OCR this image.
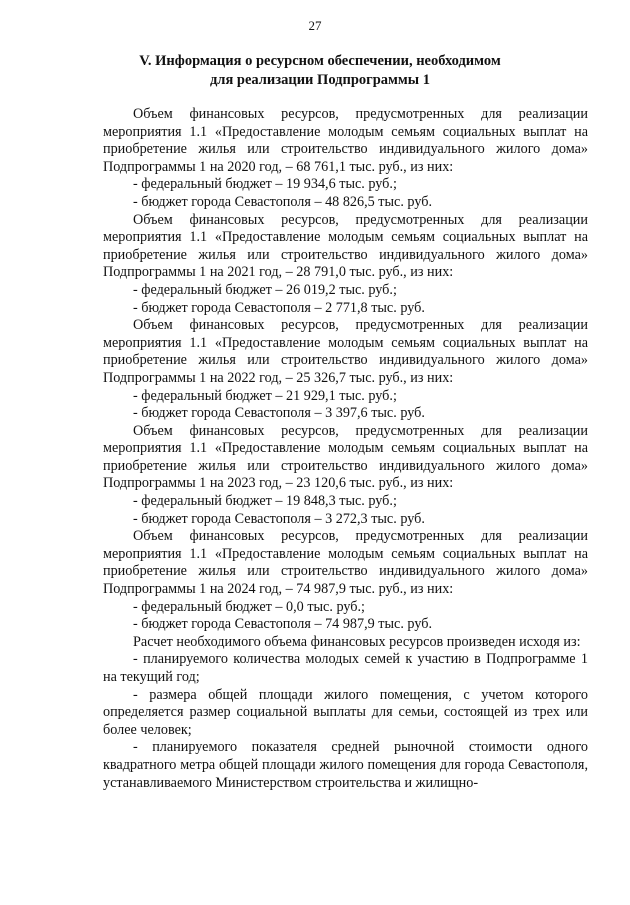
27
V. Информация о ресурсном обеспечении, необходимом
для реализации Подпрограммы 1

Объем финансовых ресурсов, предусмотренных для реализации мероприятия 1.1 «Предоставление молодым семьям социальных выплат на приобретение жилья или строительство индивидуального жилого дома» Подпрограммы 1 на 2020 год, – 68 761,1 тыс. руб., из них:

- федеральный бюджет – 19 934,6 тыс. руб.;

- бюджет города Севастополя – 48 826,5 тыс. руб.

Объем финансовых ресурсов, предусмотренных для реализации мероприятия 1.1 «Предоставление молодым семьям социальных выплат на приобретение жилья или строительство индивидуального жилого дома» Подпрограммы 1 на 2021 год, – 28 791,0 тыс. руб., из них:

- федеральный бюджет – 26 019,2 тыс. руб.;

- бюджет города Севастополя – 2 771,8 тыс. руб.

Объем финансовых ресурсов, предусмотренных для реализации мероприятия 1.1 «Предоставление молодым семьям социальных выплат на приобретение жилья или строительство индивидуального жилого дома» Подпрограммы 1 на 2022 год, – 25 326,7 тыс. руб., из них:

- федеральный бюджет – 21 929,1 тыс. руб.;

- бюджет города Севастополя – 3 397,6 тыс. руб.

Объем финансовых ресурсов, предусмотренных для реализации мероприятия 1.1 «Предоставление молодым семьям социальных выплат на приобретение жилья или строительство индивидуального жилого дома» Подпрограммы 1 на 2023 год, – 23 120,6 тыс. руб., из них:

- федеральный бюджет – 19 848,3 тыс. руб.;

- бюджет города Севастополя – 3 272,3 тыс. руб.

Объем финансовых ресурсов, предусмотренных для реализации мероприятия 1.1 «Предоставление молодым семьям социальных выплат на приобретение жилья или строительство индивидуального жилого дома» Подпрограммы 1 на 2024 год, – 74 987,9 тыс. руб., из них:

- федеральный бюджет – 0,0 тыс. руб.;

- бюджет города Севастополя – 74 987,9 тыс. руб.

Расчет необходимого объема финансовых ресурсов произведен исходя из:

- планируемого количества молодых семей к участию в Подпрограмме 1 на текущий год;

- размера общей площади жилого помещения, с учетом которого определяется размер социальной выплаты для семьи, состоящей из трех или более человек;

- планируемого показателя средней рыночной стоимости одного квадратного метра общей площади жилого помещения для города Севастополя, устанавливаемого Министерством строительства и жилищно-
